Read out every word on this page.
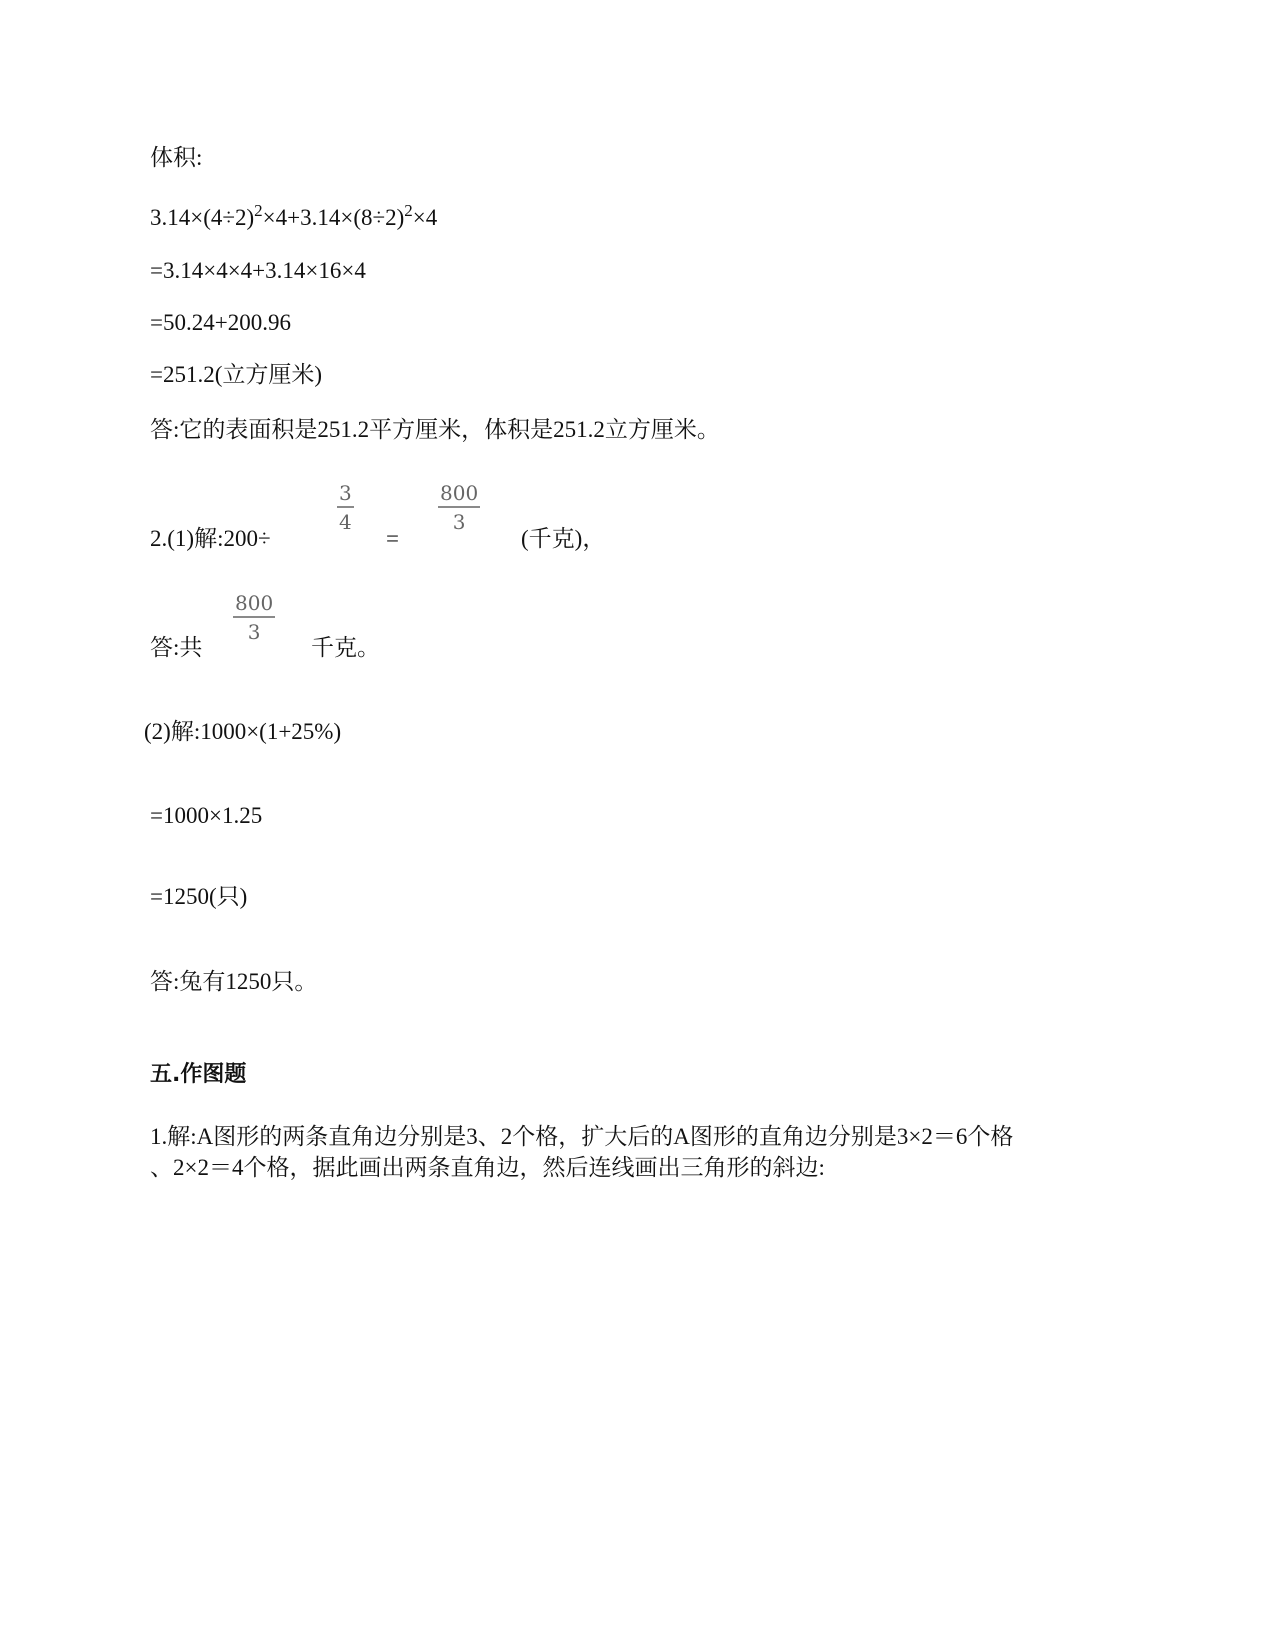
体积:
$3.14\times(4\div 2)^2\times 4+3.14\times(8\div 2)^2\times 4$
=3.14×4×4+3.14×16×4
=50.24+200.96
=251.2(立方厘米)
答:它的表面积是251.2平方厘米，体积是251.2立方厘米。
2.(1)解:200÷
3
4
=
800
3
(千克)，
答:共
800
3
千克。
(2)解:1000×(1+25%)
=1000×1.25
=1250(只)
答:兔有1250只。
五.作图题
1.解:A图形的两条直角边分别是3、2个格，扩大后的A图形的直角边分别是3×2＝6个格
、2×2＝4个格，据此画出两条直角边，然后连线画出三角形的斜边:
